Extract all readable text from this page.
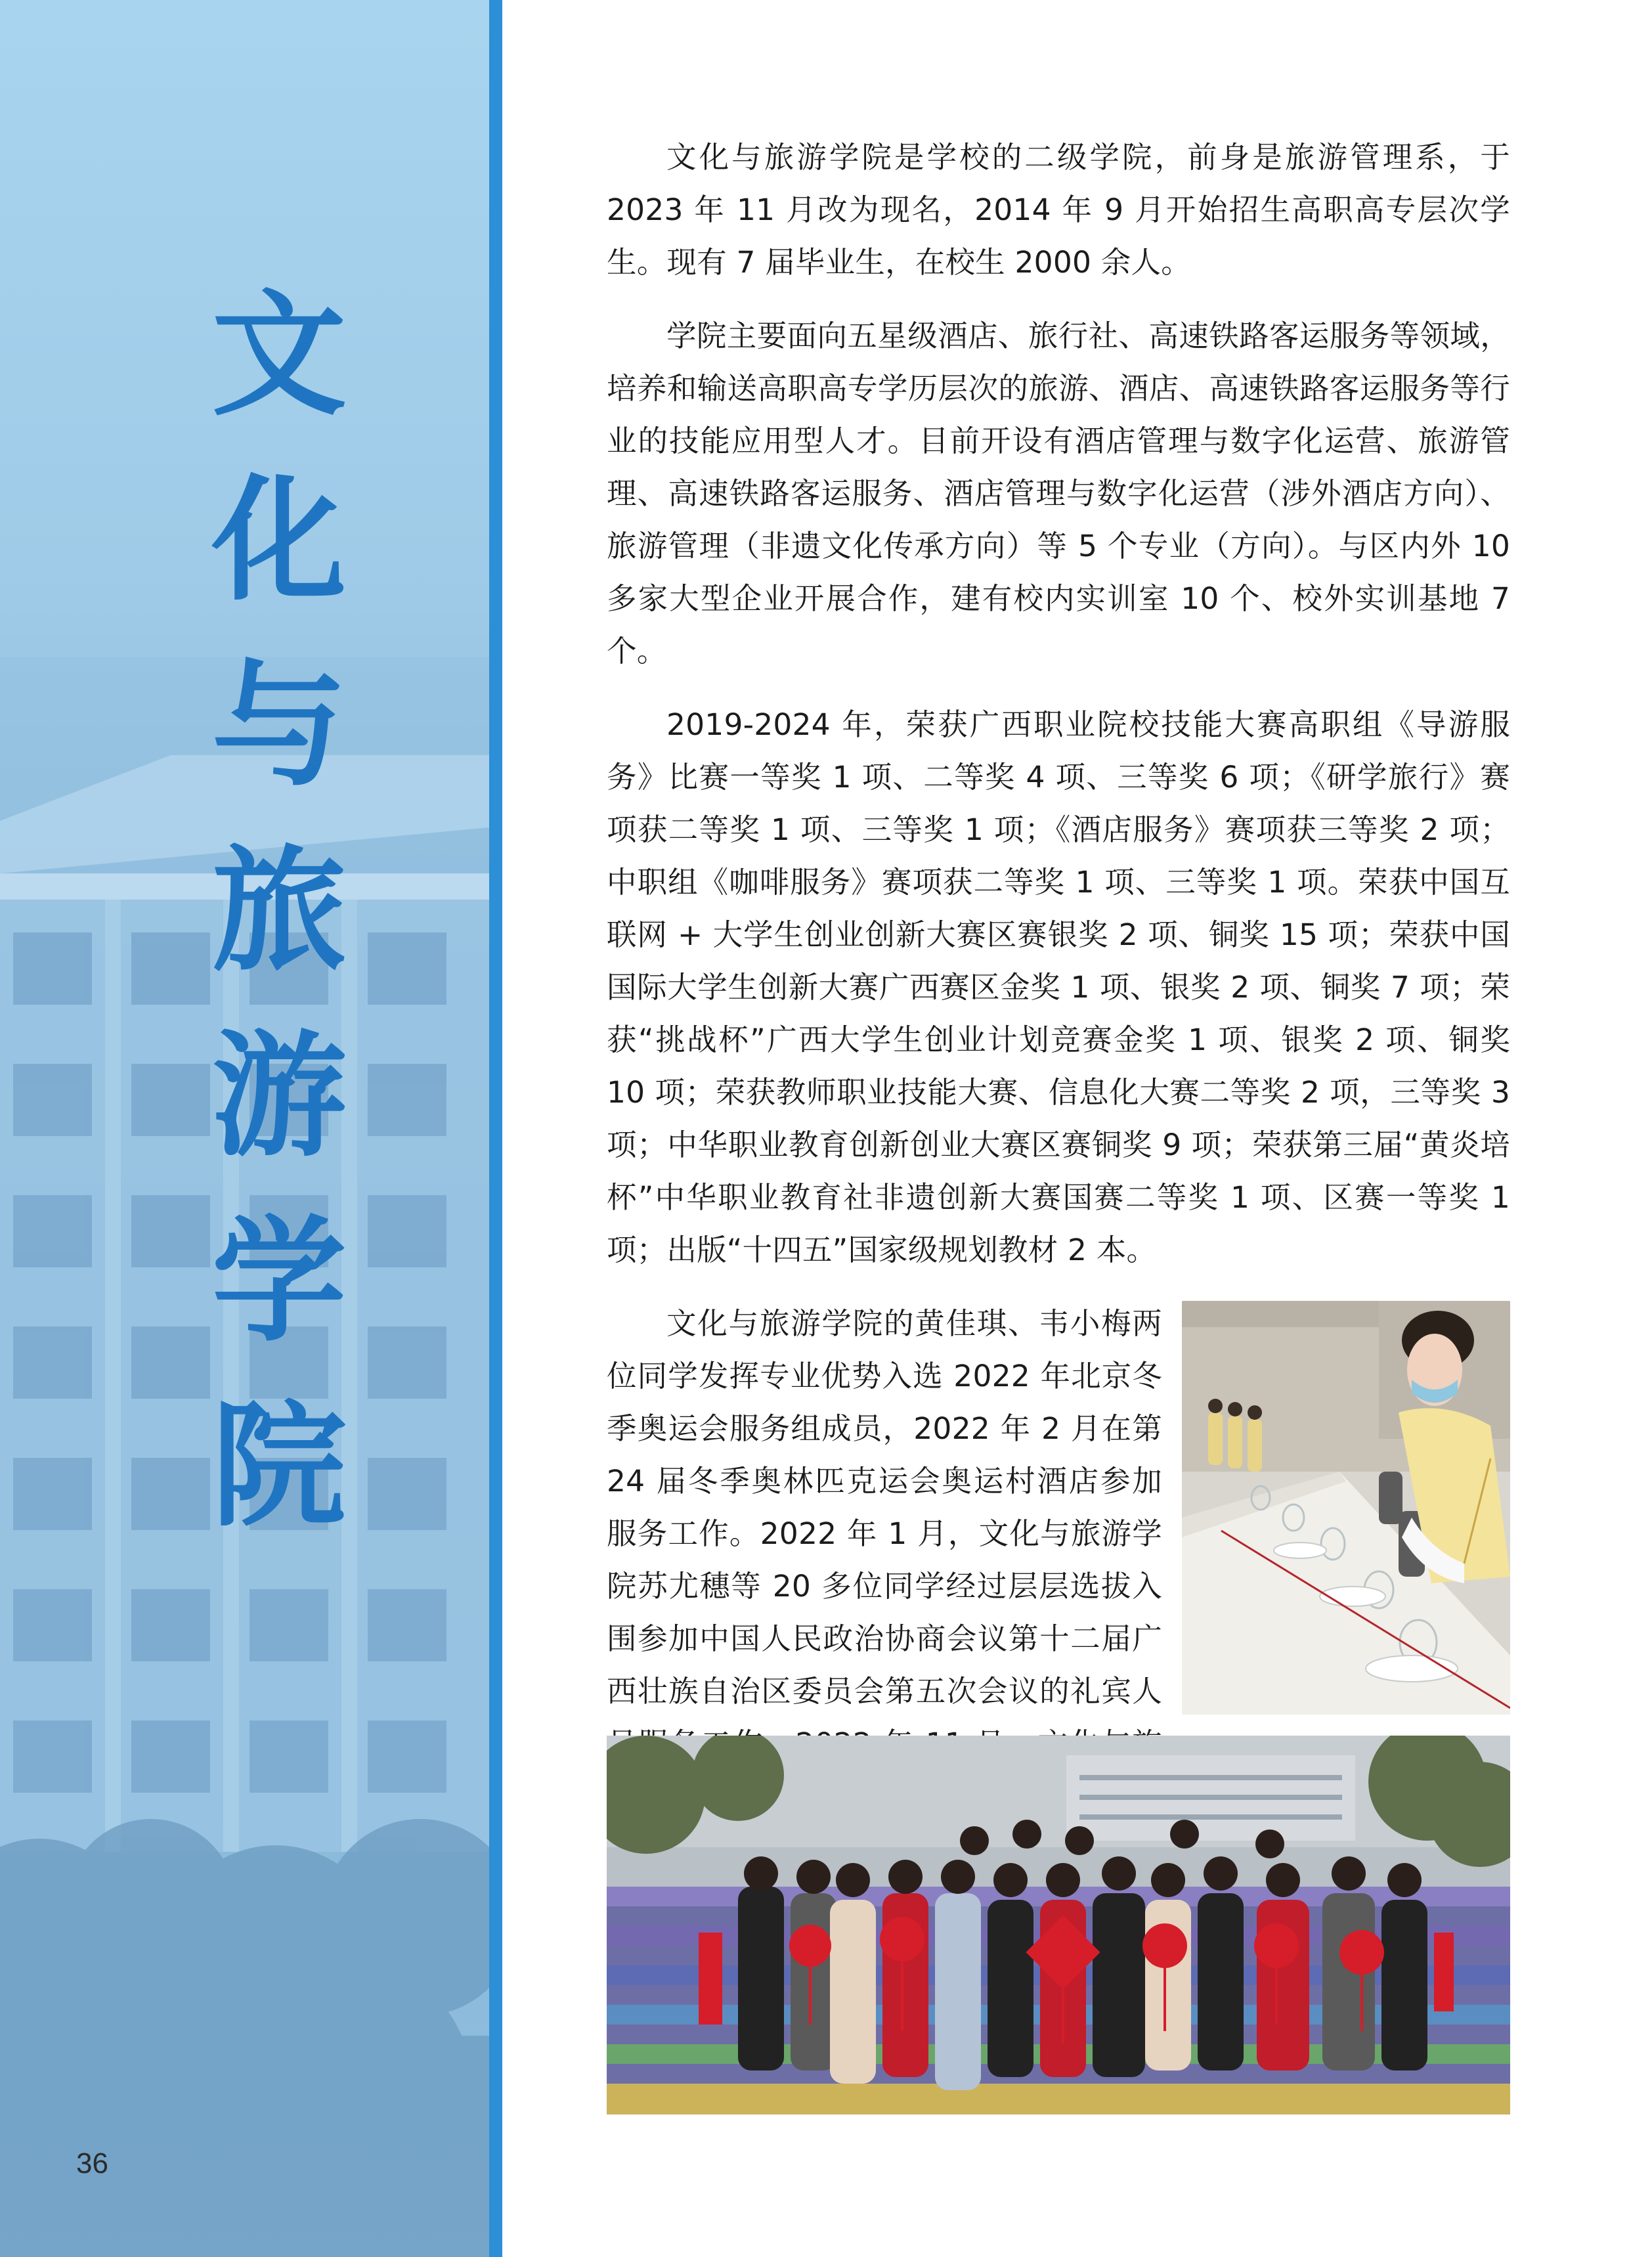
文
化
与
旅
游
学
院
36

文化与旅游学院是学校的二级学院，前身是旅游管理系，于 2023 年 11 月改为现名，2014 年 9 月开始招生高职高专层次学生。现有 7 届毕业生，在校生 2000 余人。

学院主要面向五星级酒店、旅行社、高速铁路客运服务等领域，培养和输送高职高专学历层次的旅游、酒店、高速铁路客运服务等行业的技能应用型人才。目前开设有酒店管理与数字化运营、旅游管理、高速铁路客运服务、酒店管理与数字化运营（涉外酒店方向）、旅游管理（非遗文化传承方向）等 5 个专业（方向）。与区内外 10 多家大型企业开展合作，建有校内实训室 10 个、校外实训基地 7 个。

2019-2024 年，荣获广西职业院校技能大赛高职组《导游服务》比赛一等奖 1 项、二等奖 4 项、三等奖 6 项；《研学旅行》赛项获二等奖 1 项、三等奖 1 项；《酒店服务》赛项获三等奖 2 项；中职组《咖啡服务》赛项获二等奖 1 项、三等奖 1 项。荣获中国互联网 + 大学生创业创新大赛区赛银奖 2 项、铜奖 15 项；荣获中国国际大学生创新大赛广西赛区金奖 1 项、银奖 2 项、铜奖 7 项；荣获“挑战杯”广西大学生创业计划竞赛金奖 1 项、银奖 2 项、铜奖 10 项；荣获教师职业技能大赛、信息化大赛二等奖 2 项，三等奖 3 项；中华职业教育创新创业大赛区赛铜奖 9 项；荣获第三届“黄炎培杯”中华职业教育社非遗创新大赛国赛二等奖 1 项、区赛一等奖 1 项；出版“十四五”国家级规划教材 2 本。

文化与旅游学院的黄佳琪、韦小梅两位同学发挥专业优势入选 2022 年北京冬季奥运会服务组成员，2022 年 2 月在第 24 届冬季奥林匹克运会奥运村酒店参加服务工作。2022 年 1 月，文化与旅游学院苏尤穗等 20 多位同学经过层层选拔入围参加中国人民政治协商会议第十二届广西壮族自治区委员会第五次会议的礼宾人
